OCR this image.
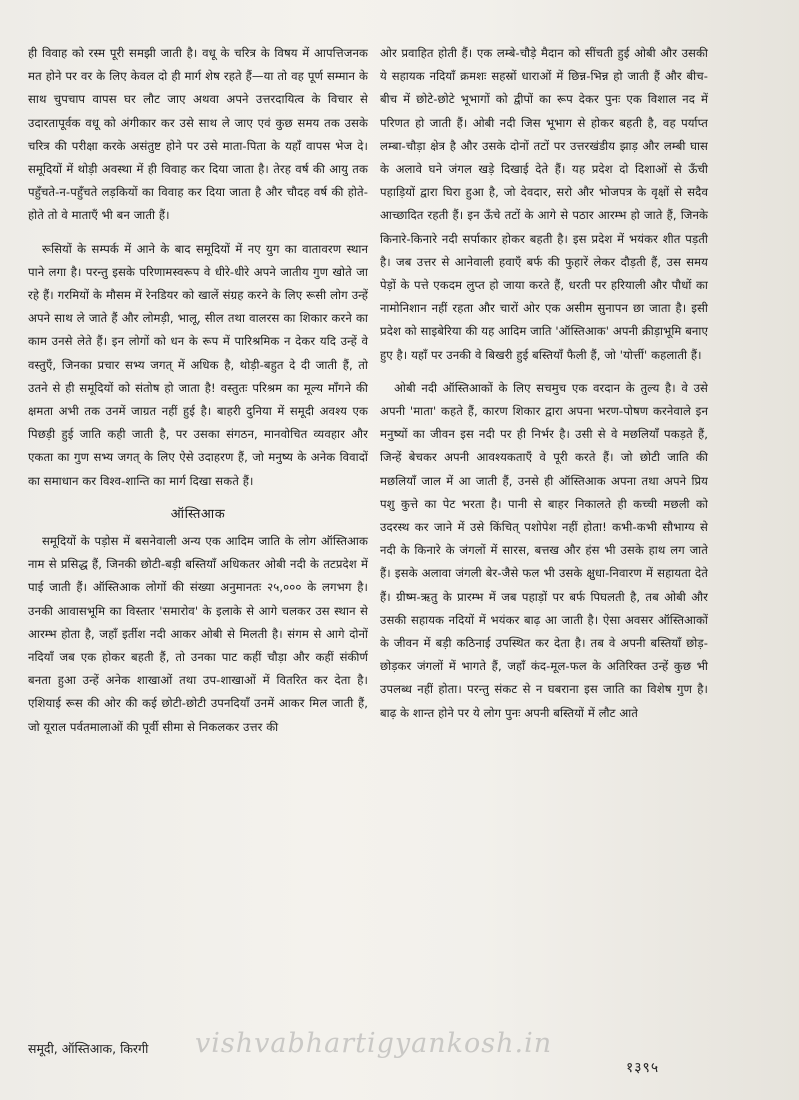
ही विवाह को रस्म पूरी समझी जाती है। वधू के चरित्र के विषय में आपत्तिजनक मत होने पर वर के लिए केवल दो ही मार्ग शेष रहते हैं—या तो वह पूर्ण सम्मान के साथ चुपचाप वापस घर लौट जाए अथवा अपने उत्तरदायित्व के विचार से उदारतापूर्वक वधू को अंगीकार कर उसे साथ ले जाए एवं कुछ समय तक उसके चरित्र की परीक्षा करके असंतुष्ट होने पर उसे माता-पिता के यहाँ वापस भेज दे। समूदियों में थोड़ी अवस्था में ही विवाह कर दिया जाता है। तेरह वर्ष की आयु तक पहुँचते-न-पहुँचते लड़कियों का विवाह कर दिया जाता है और चौदह वर्ष की होते-होते तो वे माताएँ भी बन जाती हैं।

रूसियों के सम्पर्क में आने के बाद समूदियों में नए युग का वातावरण स्थान पाने लगा है। परन्तु इसके परिणामस्वरूप वे धीरे-धीरे अपने जातीय गुण खोते जा रहे हैं। गरमियों के मौसम में रेनडियर को खालें संग्रह करने के लिए रूसी लोग उन्हें अपने साथ ले जाते हैं और लोमड़ी, भालू, सील तथा वालरस का शिकार करने का काम उनसे लेते हैं। इन लोगों को धन के रूप में पारिश्रमिक न देकर यदि उन्हें वे वस्तुएँ, जिनका प्रचार सभ्य जगत् में अधिक है, थोड़ी-बहुत दे दी जाती हैं, तो उतने से ही समूदियों को संतोष हो जाता है! वस्तुतः परिश्रम का मूल्य माँगने की क्षमता अभी तक उनमें जाग्रत नहीं हुई है। बाहरी दुनिया में समूदी अवश्य एक पिछड़ी हुई जाति कही जाती है, पर उसका संगठन, मानवोचित व्यवहार और एकता का गुण सभ्य जगत् के लिए ऐसे उदाहरण हैं, जो मनुष्य के अनेक विवादों का समाधान कर विश्व-शान्ति का मार्ग दिखा सकते हैं।

ऑस्तिआक

समूदियों के पड़ोस में बसनेवाली अन्य एक आदिम जाति के लोग ऑस्तिआक नाम से प्रसिद्ध हैं, जिनकी छोटी-बड़ी बस्तियाँ अधिकतर ओबी नदी के तटप्रदेश में पाई जाती हैं। ऑस्तिआक लोगों की संख्या अनुमानतः २५,००० के लगभग है। उनकी आवासभूमि का विस्तार 'समारोव' के इलाके से आगे चलकर उस स्थान से आरम्भ होता है, जहाँ इर्तीश नदी आकर ओबी से मिलती है। संगम से आगे दोनों नदियाँ जब एक होकर बहती हैं, तो उनका पाट कहीं चौड़ा और कहीं संकीर्ण बनता हुआ उन्हें अनेक शाखाओं तथा उप-शाखाओं में वितरित कर देता है। एशियाई रूस की ओर की कई छोटी-छोटी उपनदियाँ उनमें आकर मिल जाती हैं, जो यूराल पर्वतमालाओं की पूर्वी सीमा से निकलकर उत्तर की

ओर प्रवाहित होती हैं। एक लम्बे-चौड़े मैदान को सींचती हुई ओबी और उसकी ये सहायक नदियाँ क्रमशः सहस्रों धाराओं में छिन्न-भिन्न हो जाती हैं और बीच-बीच में छोटे-छोटे भूभागों को द्वीपों का रूप देकर पुनः एक विशाल नद में परिणत हो जाती हैं। ओबी नदी जिस भूभाग से होकर बहती है, वह पर्याप्त लम्बा-चौड़ा क्षेत्र है और उसके दोनों तटों पर उत्तरखंडीय झाड़ और लम्बी घास के अलावे घने जंगल खड़े दिखाई देते हैं। यह प्रदेश दो दिशाओं से ऊँची पहाड़ियों द्वारा घिरा हुआ है, जो देवदार, सरो और भोजपत्र के वृक्षों से सदैव आच्छादित रहती हैं। इन ऊँचे तटों के आगे से पठार आरम्भ हो जाते हैं, जिनके किनारे-किनारे नदी सर्पाकार होकर बहती है। इस प्रदेश में भयंकर शीत पड़ती है। जब उत्तर से आनेवाली हवाएँ बर्फ की फुहारें लेकर दौड़ती हैं, उस समय पेड़ों के पत्ते एकदम लुप्त हो जाया करते हैं, धरती पर हरियाली और पौधों का नामोनिशान नहीं रहता और चारों ओर एक असीम सुनापन छा जाता है। इसी प्रदेश को साइबेरिया की यह आदिम जाति 'ऑस्तिआक' अपनी क्रीड़ाभूमि बनाए हुए है। यहाँ पर उनकी वे बिखरी हुई बस्तियाँ फैली हैं, जो 'योर्त्ती' कहलाती हैं।

ओबी नदी ऑस्तिआकों के लिए सचमुच एक वरदान के तुल्य है। वे उसे अपनी 'माता' कहते हैं, कारण शिकार द्वारा अपना भरण-पोषण करनेवाले इन मनुष्यों का जीवन इस नदी पर ही निर्भर है। उसी से वे मछलियाँ पकड़ते हैं, जिन्हें बेचकर अपनी आवश्यकताएँ वे पूरी करते हैं। जो छोटी जाति की मछलियाँ जाल में आ जाती हैं, उनसे ही ऑस्तिआक अपना तथा अपने प्रिय पशु कुत्ते का पेट भरता है। पानी से बाहर निकालते ही कच्ची मछली को उदरस्थ कर जाने में उसे किंचित् पशोपेश नहीं होता! कभी-कभी सौभाग्य से नदी के किनारे के जंगलों में सारस, बत्तख और हंस भी उसके हाथ लग जाते हैं। इसके अलावा जंगली बेर-जैसे फल भी उसके क्षुधा-निवारण में सहायता देते हैं। ग्रीष्म-ऋतु के प्रारम्भ में जब पहाड़ों पर बर्फ पिघलती है, तब ओबी और उसकी सहायक नदियों में भयंकर बाढ़ आ जाती है। ऐसा अवसर ऑस्तिआकों के जीवन में बड़ी कठिनाई उपस्थित कर देता है। तब वे अपनी बस्तियाँ छोड़-छोड़कर जंगलों में भागते हैं, जहाँ कंद-मूल-फल के अतिरिक्त उन्हें कुछ भी उपलब्ध नहीं होता। परन्तु संकट से न घबराना इस जाति का विशेष गुण है। बाढ़ के शान्त होने पर ये लोग पुनः अपनी बस्तियों में लौट आते

समूदी, ऑस्तिआक, किरगी vishvabhartigyankosh.in
१३९५
